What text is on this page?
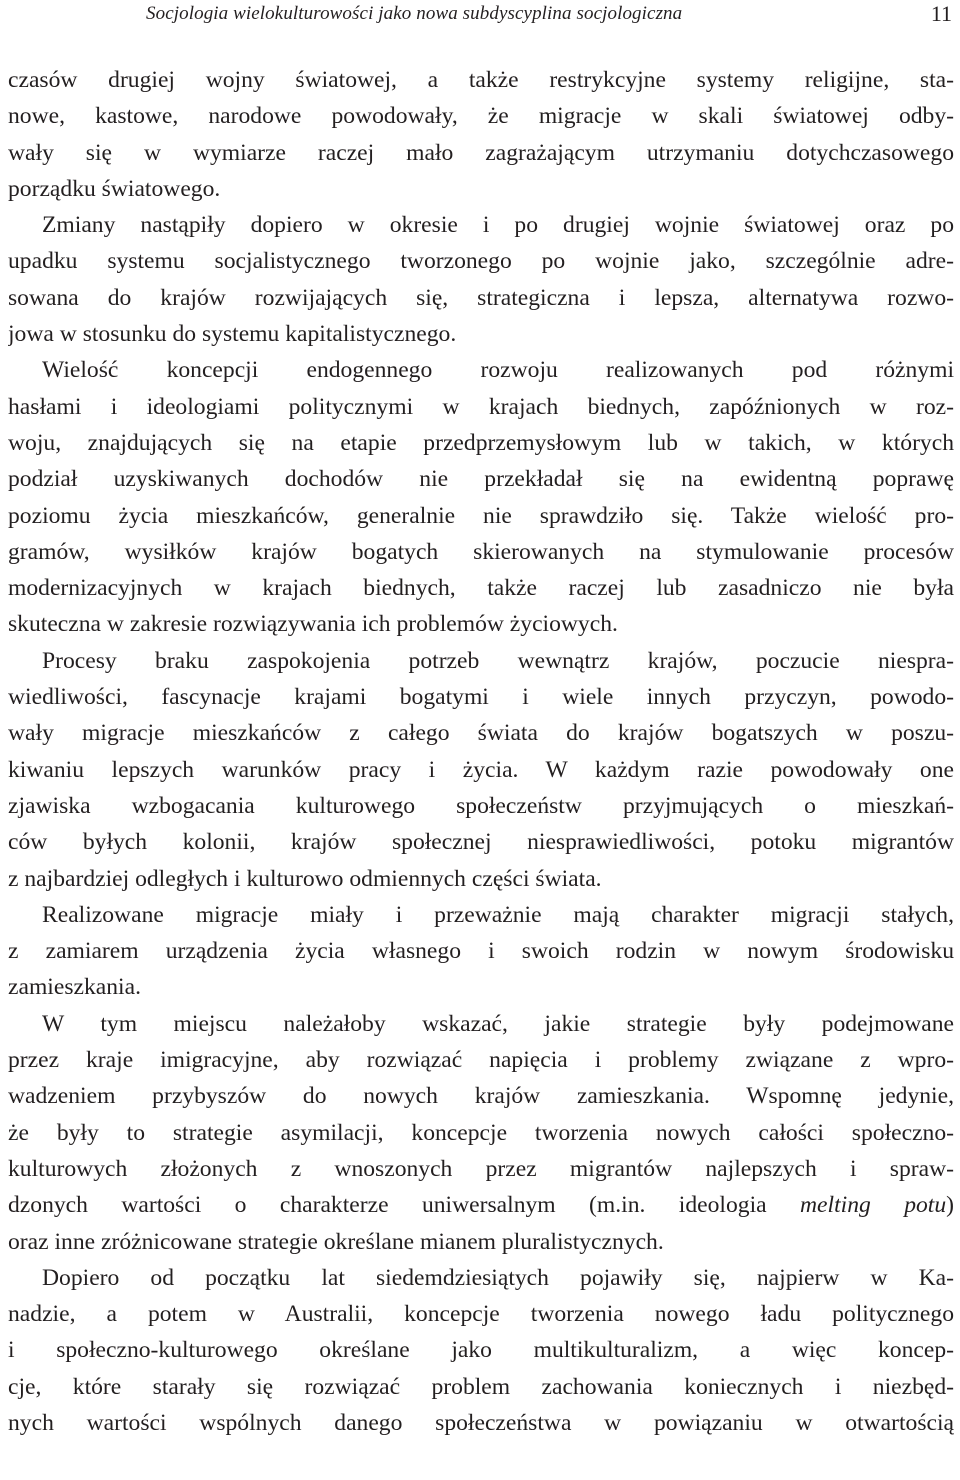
Socjologia wielokulturowości jako nowa subdyscyplina socjologiczna	11
czasów drugiej wojny światowej, a także restrykcyjne systemy religijne, sta-
nowe, kastowe, narodowe powodowały, że migracje w skali światowej odby-
wały się w wymiarze raczej mało zagrażającym utrzymaniu dotychczasowego
porządku światowego.
Zmiany nastąpiły dopiero w okresie i po drugiej wojnie światowej oraz po
upadku systemu socjalistycznego tworzonego po wojnie jako, szczególnie adre-
sowana do krajów rozwijających się, strategiczna i lepsza, alternatywa rozwo-
jowa w stosunku do systemu kapitalistycznego.
Wielość koncepcji endogennego rozwoju realizowanych pod różnymi
hasłami i ideologiami politycznymi w krajach biednych, zapóźnionych w roz-
woju, znajdujących się na etapie przedprzemysłowym lub w takich, w których
podział uzyskiwanych dochodów nie przekładał się na ewidentną poprawę
poziomu życia mieszkańców, generalnie nie sprawdziło się. Także wielość pro-
gramów, wysiłków krajów bogatych skierowanych na stymulowanie procesów
modernizacyjnych w krajach biednych, także raczej lub zasadniczo nie była
skuteczna w zakresie rozwiązywania ich problemów życiowych.
Procesy braku zaspokojenia potrzeb wewnątrz krajów, poczucie niespra-
wiedliwości, fascynacje krajami bogatymi i wiele innych przyczyn, powodo-
wały migracje mieszkańców z całego świata do krajów bogatszych w poszu-
kiwaniu lepszych warunków pracy i życia. W każdym razie powodowały one
zjawiska wzbogacania kulturowego społeczeństw przyjmujących o mieszkań-
ców byłych kolonii, krajów społecznej niesprawiedliwości, potoku migrantów
z najbardziej odległych i kulturowo odmiennych części świata.
Realizowane migracje miały i przeważnie mają charakter migracji stałych,
z zamiarem urządzenia życia własnego i swoich rodzin w nowym środowisku
zamieszkania.
W tym miejscu należałoby wskazać, jakie strategie były podejmowane
przez kraje imigracyjne, aby rozwiązać napięcia i problemy związane z wpro-
wadzeniem przybyszów do nowych krajów zamieszkania. Wspomnę jedynie,
że były to strategie asymilacji, koncepcje tworzenia nowych całości społeczno-
kulturowych złożonych z wnoszonych przez migrantów najlepszych i spraw-
dzonych wartości o charakterze uniwersalnym (m.in. ideologia melting potu)
oraz inne zróżnicowane strategie określane mianem pluralistycznych.
Dopiero od początku lat siedemdziesiątych pojawiły się, najpierw w Ka-
nadzie, a potem w Australii, koncepcje tworzenia nowego ładu politycznego
i społeczno-kulturowego określane jako multikulturalizm, a więc koncep-
cje, które starały się rozwiązać problem zachowania koniecznych i niezbęd-
nych wartości wspólnych danego społeczeństwa w powiązaniu w otwartością
